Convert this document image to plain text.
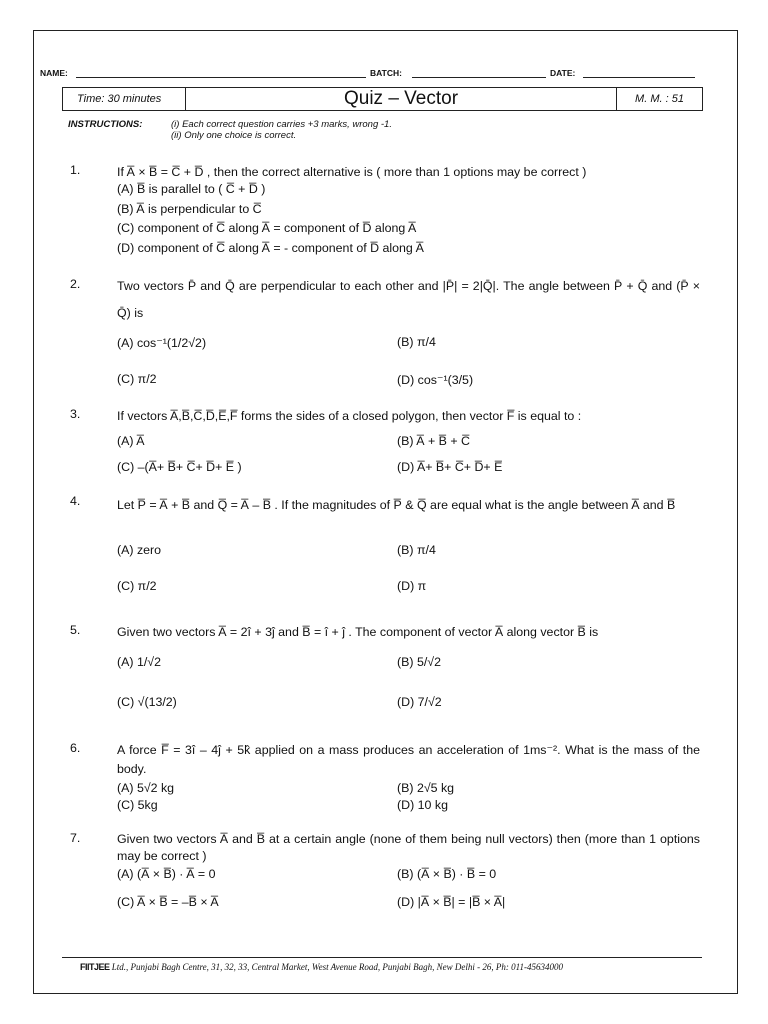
NAME:	BATCH:	DATE:
Time: 30 minutes	Quiz – Vector	M. M. : 51
INSTRUCTIONS:	(i) Each correct question carries +3 marks, wrong -1.
(ii) Only one choice is correct.
1.	If A̅ × B̅ = C̅ + D̅ , then the correct alternative is ( more than 1 options may be correct )
(A) B̅ is parallel to ( C̅ + D̅ )
(B) A̅ is perpendicular to C̅
(C) component of C̅ along A̅ = component of D̅ along A̅
(D) component of C̅ along A̅ = - component of D̅ along A̅
2.	Two vectors P̄ and Q̄ are perpendicular to each other and |P̄| = 2|Q̄|. The angle between P̄ + Q̄ and (P̄ × Q̄) is
(A) cos⁻¹(1/2√2)	(B) π/4
(C) π/2	(D) cos⁻¹(3/5)
3.	If vectors A̅,B̅,C̅,D̅,E̅,F̅ forms the sides of a closed polygon, then vector F̅ is equal to :
(A) A̅	(B) A̅ + B̅ + C̅
(C) –(A̅+ B̅+ C̅+ D̅+ E̅ )	(D) A̅+ B̅+ C̅+ D̅+ E̅
4.	Let P̅ = A̅ + B̅ and Q̅ = A̅ – B̅ . If the magnitudes of P̅ & Q̅ are equal what is the angle between A̅ and B̅
(A) zero	(B) π/4
(C) π/2	(D) π
5.	Given two vectors A̅ = 2î + 3ĵ and B̅ = î + ĵ . The component of vector A̅ along vector B̅ is
(A) 1/√2	(B) 5/√2
(C) √(13/2)	(D) 7/√2
6.	A force F̅ = 3î – 4ĵ + 5k̂ applied on a mass produces an acceleration of 1ms⁻². What is the mass of the body.
(A) 5√2 kg	(B) 2√5 kg
(C) 5kg	(D) 10 kg
7.	Given two vectors A̅ and B̅ at a certain angle (none of them being null vectors) then (more than 1 options may be correct )
(A) (A̅ × B̅) · A̅ = 0	(B) (A̅ × B̅) · B̅ = 0
(C) A̅ × B̅ = –B̅ × A̅	(D) |A̅ × B̅| = |B̅ × A̅|
FIITJEE Ltd., Punjabi Bagh Centre, 31, 32, 33, Central Market, West Avenue Road, Punjabi Bagh, New Delhi - 26, Ph: 011-45634000
